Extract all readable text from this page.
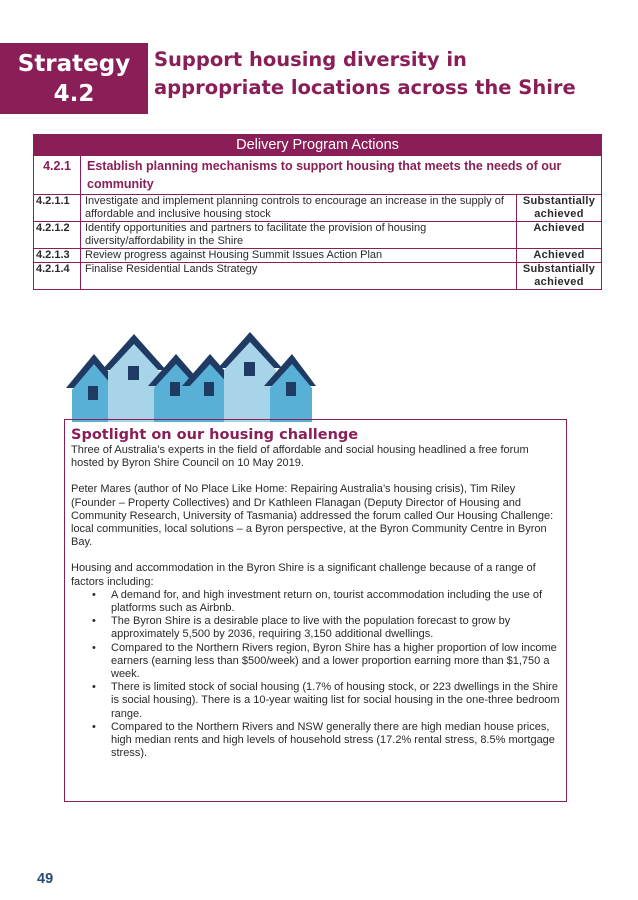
Strategy
4.2
Support housing diversity in
appropriate locations across the Shire
Delivery Program Actions		
4.2.1	Establish planning mechanisms to support housing that meets the needs of our community	
4.2.1.1	Investigate and implement planning controls to encourage an increase in the supply of affordable and inclusive housing stock	Substantially achieved
4.2.1.2	Identify opportunities and partners to facilitate the provision of housing diversity/affordability in the Shire	Achieved
4.2.1.3	Review progress against Housing Summit Issues Action Plan	Achieved
4.2.1.4	Finalise Residential Lands Strategy	Substantially achieved
Spotlight on our housing challenge

Three of Australia’s experts in the field of affordable and social housing headlined a free forum hosted by Byron Shire Council on 10 May 2019.

Peter Mares (author of No Place Like Home: Repairing Australia’s housing crisis), Tim Riley (Founder – Property Collectives) and Dr Kathleen Flanagan (Deputy Director of Housing and Community Research, University of Tasmania) addressed the forum called Our Housing Challenge: local communities, local solutions – a Byron perspective, at the Byron Community Centre in Byron Bay.

Housing and accommodation in the Byron Shire is a significant challenge because of a range of factors including:

• A demand for, and high investment return on, tourist accommodation including the use of platforms such as Airbnb.
• The Byron Shire is a desirable place to live with the population forecast to grow by approximately 5,500 by 2036, requiring 3,150 additional dwellings.
• Compared to the Northern Rivers region, Byron Shire has a higher proportion of low income earners (earning less than $500/week) and a lower proportion earning more than $1,750 a week.
• There is limited stock of social housing (1.7% of housing stock, or 223 dwellings in the Shire is social housing). There is a 10-year waiting list for social housing in the one-three bedroom range.
• Compared to the Northern Rivers and NSW generally there are high median house prices, high median rents and high levels of household stress (17.2% rental stress, 8.5% mortgage stress).
49
